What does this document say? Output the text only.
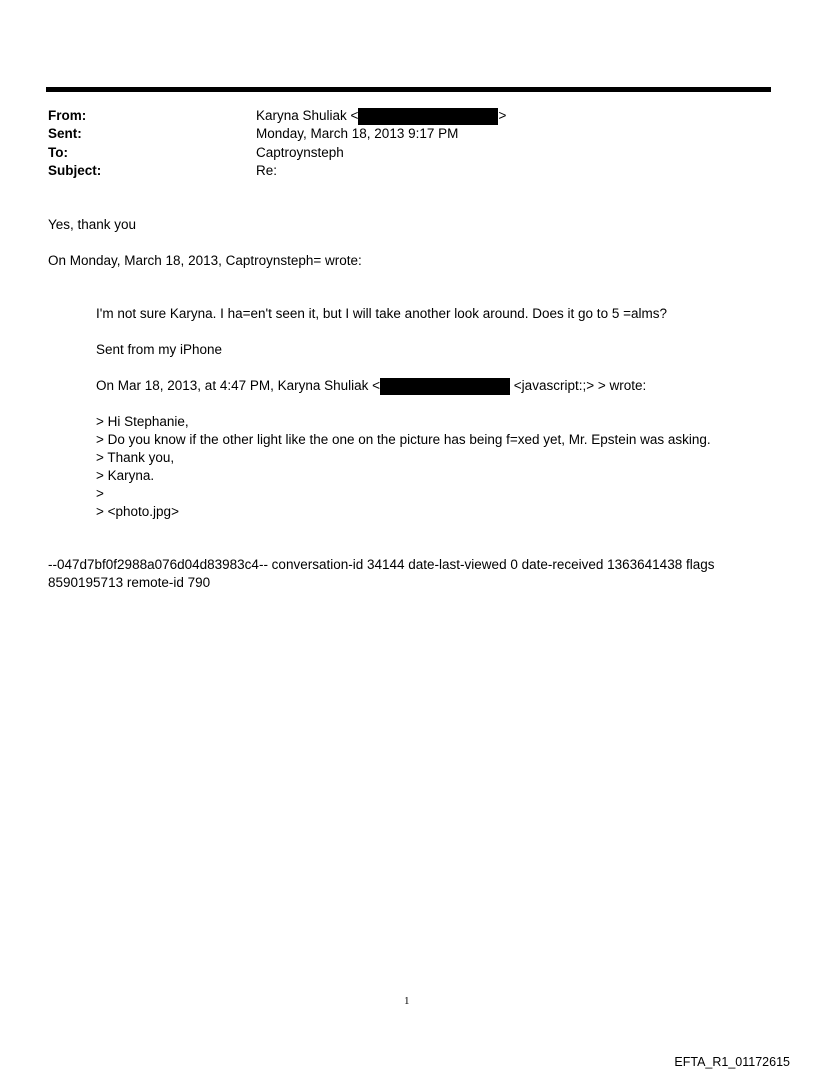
From:	Karyna Shuliak <	>
Sent:	Monday, March 18, 2013 9:17 PM
To:	Captroynsteph
Subject:	Re:
Yes, thank you
On Monday, March 18, 2013, Captroynsteph= wrote:
I'm not sure Karyna. I ha=en't seen it, but I will take another look around. Does it go to 5 =alms?
Sent from my iPhone
On Mar 18, 2013, at 4:47 PM, Karyna Shuliak <	<javascript:;> > wrote:
> Hi Stephanie,
> Do you know if the other light like the one on the picture has being f=xed yet, Mr. Epstein was asking.
> Thank you,
> Karyna.
>
> <photo.jpg>
--047d7bf0f2988a076d04d83983c4-- conversation-id 34144 date-last-viewed 0 date-received 1363641438 flags
8590195713 remote-id 790
1
EFTA_R1_01172615
